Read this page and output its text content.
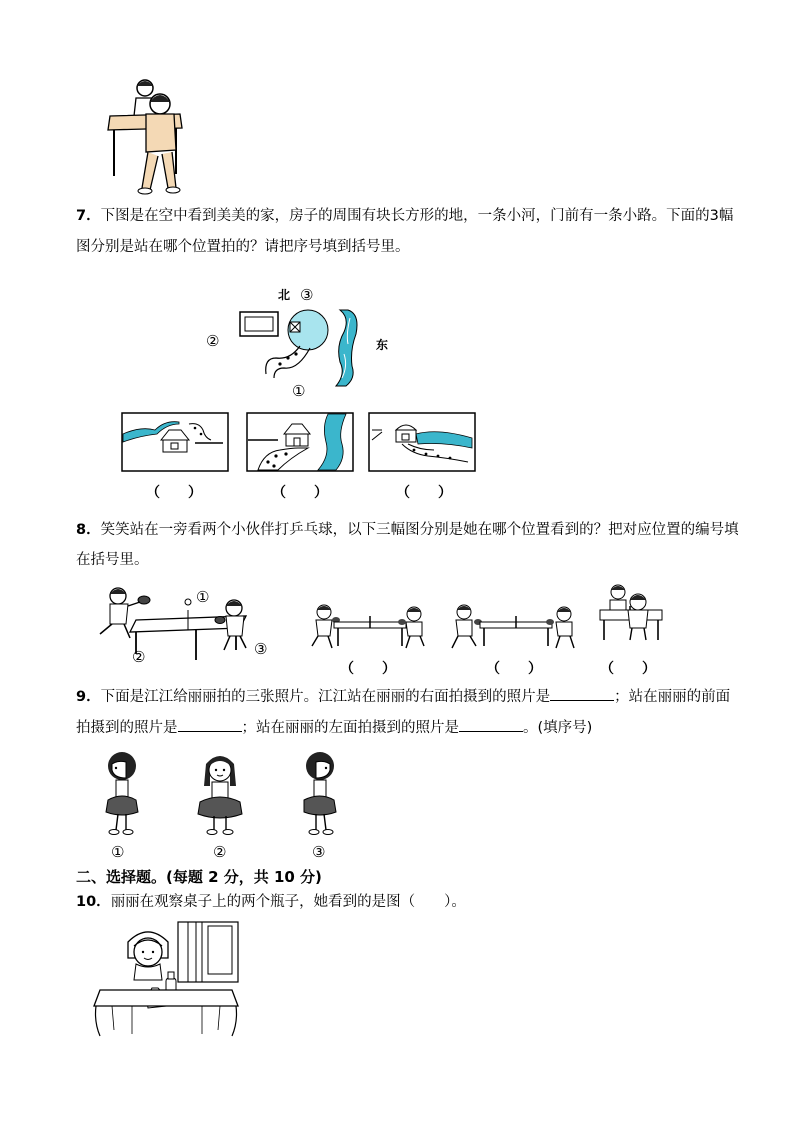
7．下图是在空中看到美美的家，房子的周围有块长方形的地，一条小河，门前有一条小路。下面的3幅
图分别是站在哪个位置拍的？请把序号填到括号里。
北 ③
②	东
①
（　　）	（　　）	（　　）
8．笑笑站在一旁看两个小伙伴打乒乓球，以下三幅图分别是她在哪个位置看到的？把对应位置的编号填
在括号里。
①
②	③
（　　）	（　　）	（　　）
9．下面是江江给丽丽拍的三张照片。江江站在丽丽的右面拍摄到的照片是	；站在丽丽的前面
拍摄到的照片是	；站在丽丽的左面拍摄到的照片是	。(填序号)
①	②	③
二、选择题。(每题 2 分，共 10 分)
10．丽丽在观察桌子上的两个瓶子，她看到的是图（　　）。
